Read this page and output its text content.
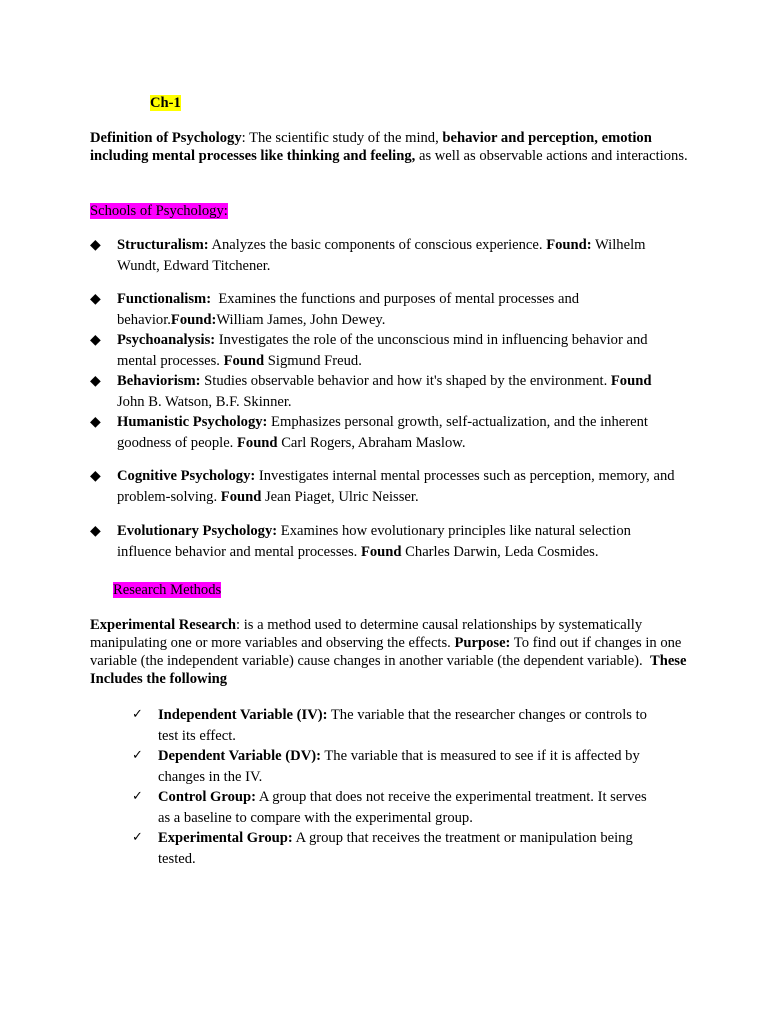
Ch-1

Definition of Psychology: The scientific study of the mind, behavior and perception, emotion including mental processes like thinking and feeling, as well as observable actions and interactions.

Schools of Psychology:

◆ Structuralism: Analyzes the basic components of conscious experience. Found: Wilhelm Wundt, Edward Titchener.
◆ Functionalism:  Examines the functions and purposes of mental processes and behavior.Found:William James, John Dewey.
◆ Psychoanalysis: Investigates the role of the unconscious mind in influencing behavior and mental processes. Found Sigmund Freud.
◆ Behaviorism: Studies observable behavior and how it's shaped by the environment. Found John B. Watson, B.F. Skinner.
◆ Humanistic Psychology: Emphasizes personal growth, self-actualization, and the inherent goodness of people. Found Carl Rogers, Abraham Maslow.
◆ Cognitive Psychology: Investigates internal mental processes such as perception, memory, and problem-solving. Found Jean Piaget, Ulric Neisser.
◆ Evolutionary Psychology: Examines how evolutionary principles like natural selection influence behavior and mental processes. Found Charles Darwin, Leda Cosmides.

Research Methods

Experimental Research: is a method used to determine causal relationships by systematically manipulating one or more variables and observing the effects. Purpose: To find out if changes in one variable (the independent variable) cause changes in another variable (the dependent variable).  These Includes the following

✓ Independent Variable (IV): The variable that the researcher changes or controls to test its effect.
✓ Dependent Variable (DV): The variable that is measured to see if it is affected by changes in the IV.
✓ Control Group: A group that does not receive the experimental treatment. It serves as a baseline to compare with the experimental group.
✓ Experimental Group: A group that receives the treatment or manipulation being tested.
